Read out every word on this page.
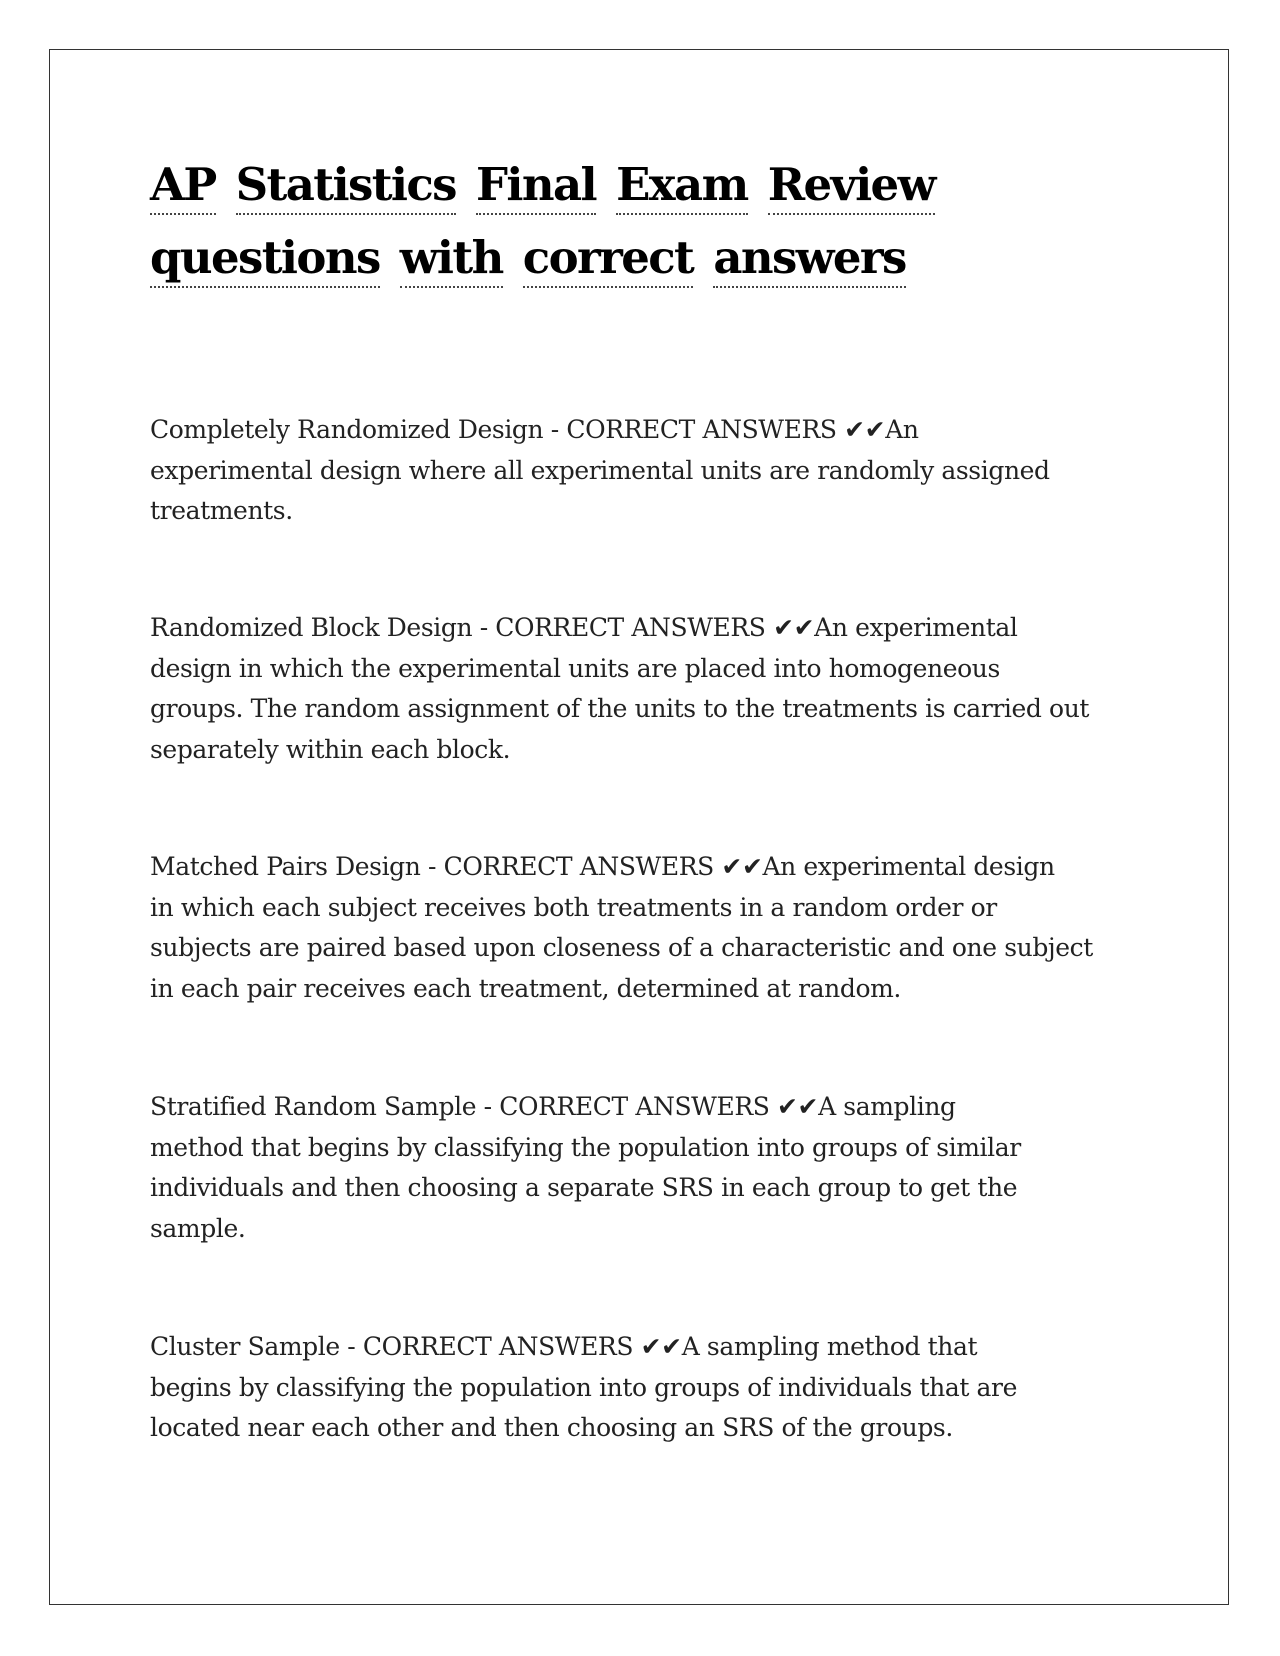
AP Statistics Final Exam Review
questions with correct answers
Completely Randomized Design - CORRECT ANSWERS ✔✔An
experimental design where all experimental units are randomly assigned
treatments.
Randomized Block Design - CORRECT ANSWERS ✔✔An experimental
design in which the experimental units are placed into homogeneous
groups. The random assignment of the units to the treatments is carried out
separately within each block.
Matched Pairs Design - CORRECT ANSWERS ✔✔An experimental design
in which each subject receives both treatments in a random order or
subjects are paired based upon closeness of a characteristic and one subject
in each pair receives each treatment, determined at random.
Stratified Random Sample - CORRECT ANSWERS ✔✔A sampling
method that begins by classifying the population into groups of similar
individuals and then choosing a separate SRS in each group to get the
sample.
Cluster Sample - CORRECT ANSWERS ✔✔A sampling method that
begins by classifying the population into groups of individuals that are
located near each other and then choosing an SRS of the groups.
